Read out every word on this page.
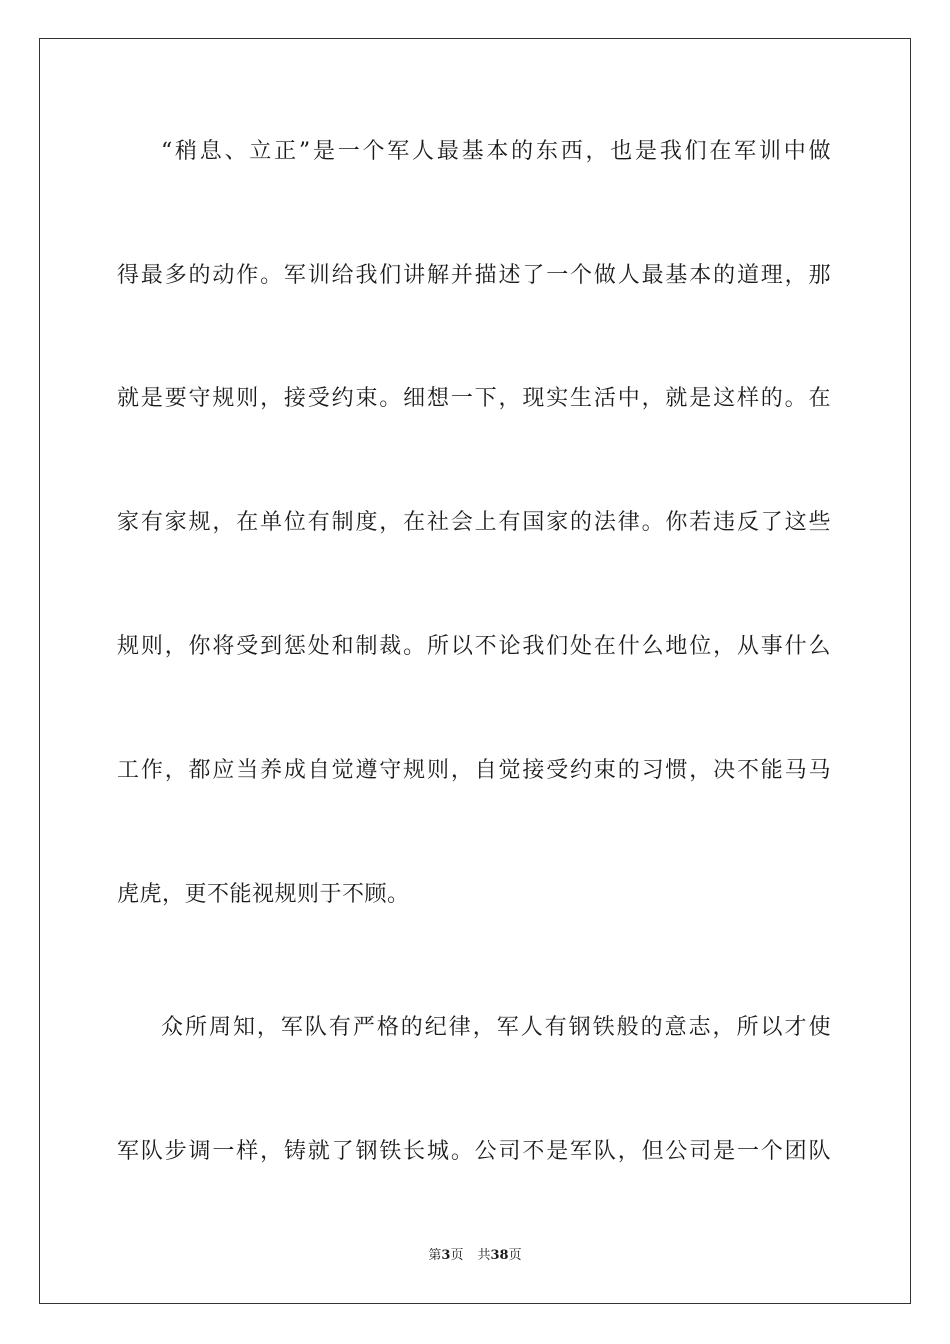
“稍息、立正”是一个军人最基本的东西，也是我们在军训中做

得最多的动作。军训给我们讲解并描述了一个做人最基本的道理，那

就是要守规则，接受约束。细想一下，现实生活中，就是这样的。在

家有家规，在单位有制度，在社会上有国家的法律。你若违反了这些

规则，你将受到惩处和制裁。所以不论我们处在什么地位，从事什么

工作，都应当养成自觉遵守规则，自觉接受约束的习惯，决不能马马

虎虎，更不能视规则于不顾。

众所周知，军队有严格的纪律，军人有钢铁般的意志，所以才使

军队步调一样，铸就了钢铁长城。公司不是军队，但公司是一个团队

第3页 共38页
